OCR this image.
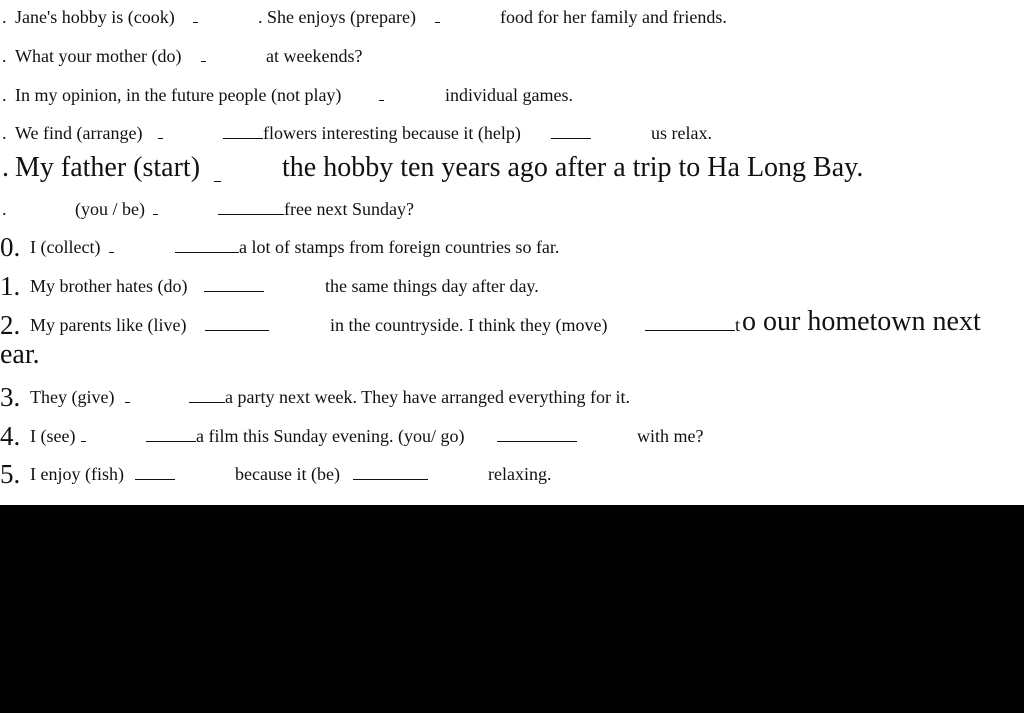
. Jane's hobby is (cook)	. She enjoys (prepare)	food for her family and friends.
. What your mother (do)	at weekends?
. In my opinion, in the future people (not play)	individual games.
. We find (arrange)	flowers interesting because it (help)	us relax.
. My father (start)	the hobby ten years ago after a trip to Ha Long Bay.
.	(you / be)	free next Sunday?
0. I (collect)	a lot of stamps from foreign countries so far.
1. My brother hates (do)	the same things day after day.
2. My parents like (live)	in the countryside. I think they (move)	t o our hometown next
ear.
3. They (give)	a party next week. They have arranged everything for it.
4. I (see)	a film this Sunday evening. (you/ go)	with me?
5. I enjoy (fish)	because it (be)	relaxing.
